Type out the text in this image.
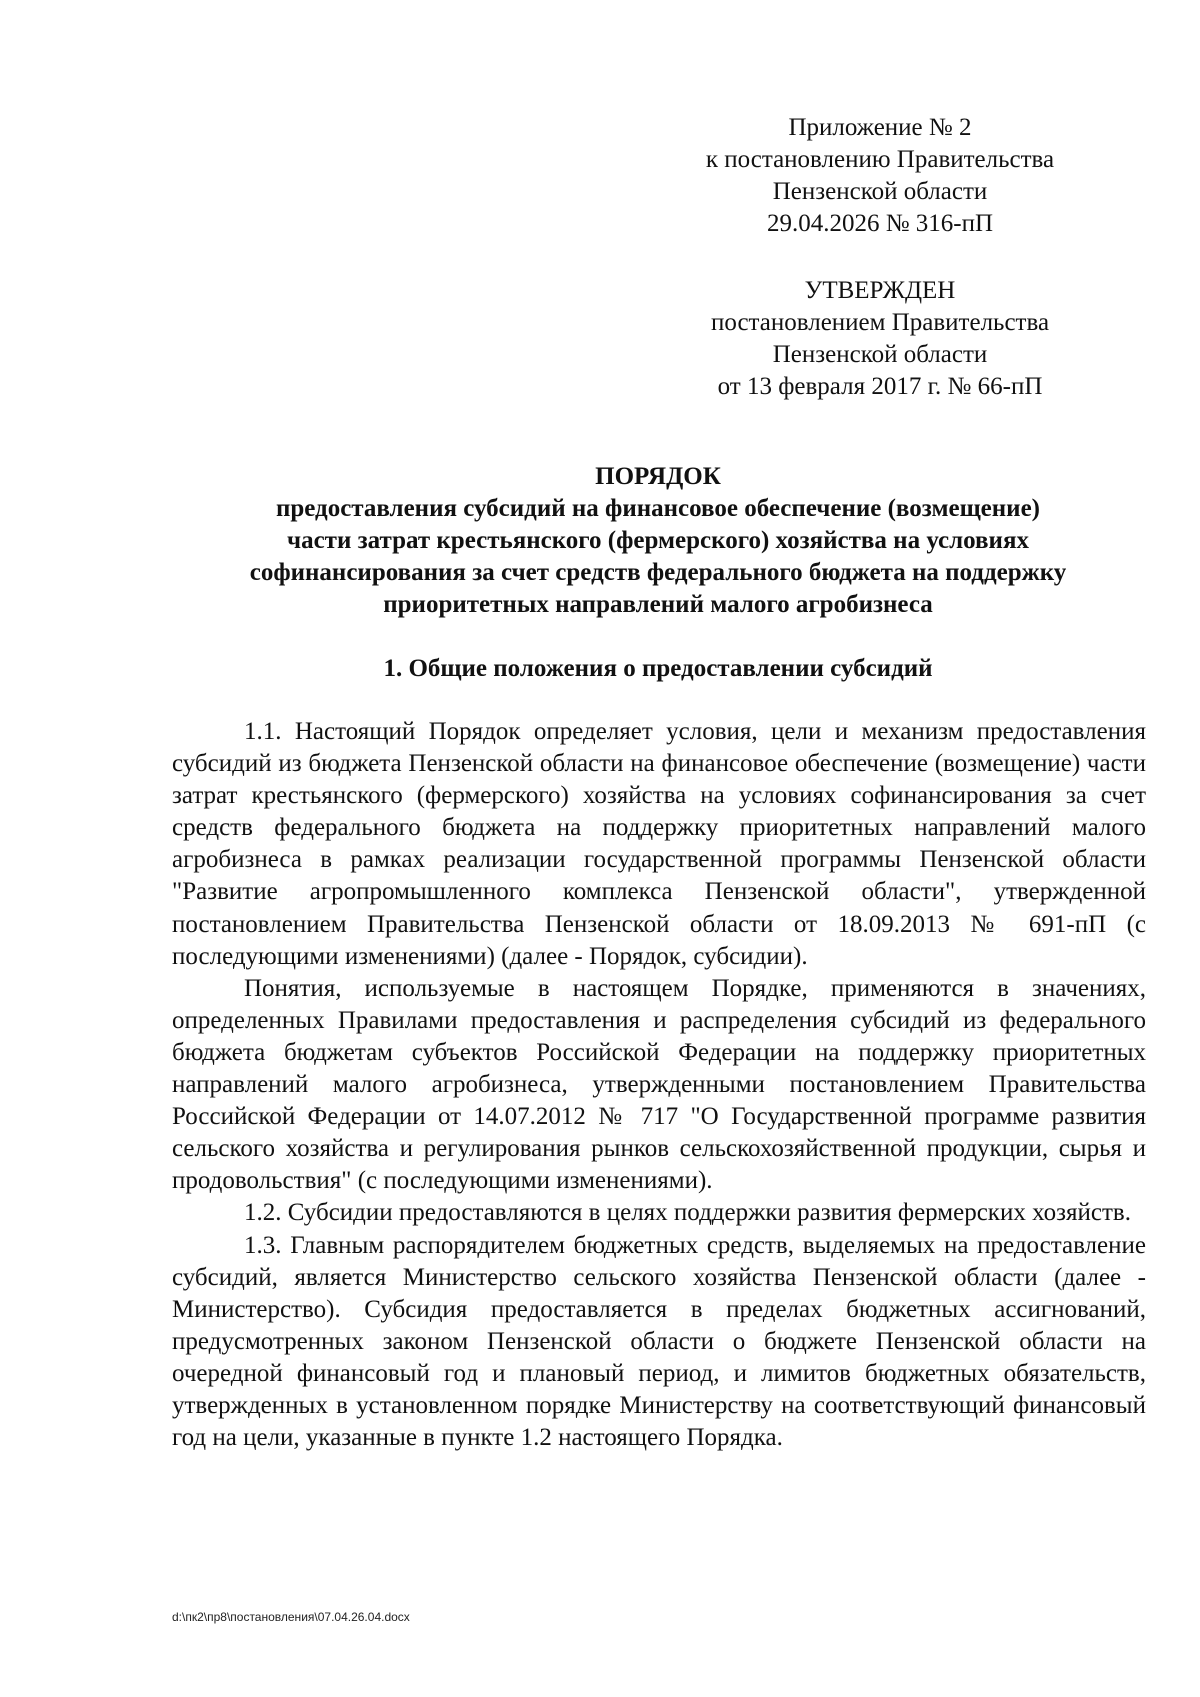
Приложение № 2
к постановлению Правительства
Пензенской области
29.04.2026 № 316-пП
УТВЕРЖДЕН
постановлением Правительства
Пензенской области
от 13 февраля 2017 г. № 66-пП
ПОРЯДОК
предоставления субсидий на финансовое обеспечение (возмещение)
части затрат крестьянского (фермерского) хозяйства на условиях
софинансирования за счет средств федерального бюджета на поддержку
приоритетных направлений малого агробизнеса
1. Общие положения о предоставлении субсидий

1.1. Настоящий Порядок определяет условия, цели и механизм предоставления субсидий из бюджета Пензенской области на финансовое обеспечение (возмещение) части затрат крестьянского (фермерского) хозяйства на условиях софинансирования за счет средств федерального бюджета на поддержку приоритетных направлений малого агробизнеса в рамках реализации государственной программы Пензенской области "Развитие агропромышленного комплекса Пензенской области", утвержденной постановлением Правительства Пензенской области от 18.09.2013 № 691-пП (с последующими изменениями) (далее - Порядок, субсидии).

Понятия, используемые в настоящем Порядке, применяются в значениях, определенных Правилами предоставления и распределения субсидий из федерального бюджета бюджетам субъектов Российской Федерации на поддержку приоритетных направлений малого агробизнеса, утвержденными постановлением Правительства Российской Федерации от 14.07.2012 № 717 "О Государственной программе развития сельского хозяйства и регулирования рынков сельскохозяйственной продукции, сырья и продовольствия" (с последующими изменениями).

1.2. Субсидии предоставляются в целях поддержки развития фермерских хозяйств.

1.3. Главным распорядителем бюджетных средств, выделяемых на предоставление субсидий, является Министерство сельского хозяйства Пензенской области (далее - Министерство). Субсидия предоставляется в пределах бюджетных ассигнований, предусмотренных законом Пензенской области о бюджете Пензенской области на очередной финансовый год и плановый период, и лимитов бюджетных обязательств, утвержденных в установленном порядке Министерству на соответствующий финансовый год на цели, указанные в пункте 1.2 настоящего Порядка.

d:\пк2\пр8\постановления\07.04.26.04.docx
